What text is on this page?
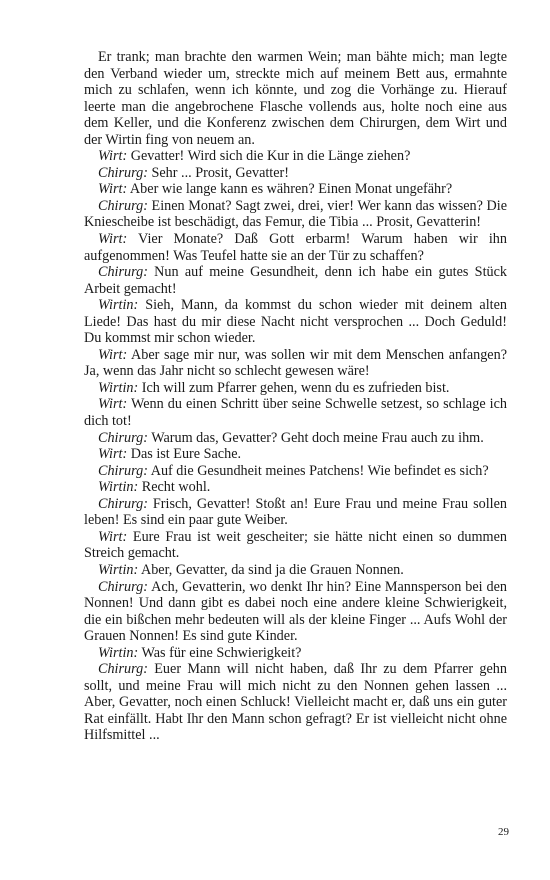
Er trank; man brachte den warmen Wein; man bähte mich; man legte den Verband wieder um, streckte mich auf meinem Bett aus, ermahnte mich zu schlafen, wenn ich könnte, und zog die Vorhänge zu. Hierauf leerte man die angebrochene Flasche vollends aus, holte noch eine aus dem Keller, und die Konferenz zwischen dem Chirurgen, dem Wirt und der Wirtin fing von neuem an.

Wirt: Gevatter! Wird sich die Kur in die Länge ziehen?

Chirurg: Sehr ... Prosit, Gevatter!

Wirt: Aber wie lange kann es währen? Einen Monat ungefähr?

Chirurg: Einen Monat? Sagt zwei, drei, vier! Wer kann das wissen? Die Kniescheibe ist beschädigt, das Femur, die Tibia ... Prosit, Gevatterin!

Wirt: Vier Monate? Daß Gott erbarm! Warum haben wir ihn aufgenommen! Was Teufel hatte sie an der Tür zu schaffen?

Chirurg: Nun auf meine Gesundheit, denn ich habe ein gutes Stück Arbeit gemacht!

Wirtin: Sieh, Mann, da kommst du schon wieder mit deinem alten Liede! Das hast du mir diese Nacht nicht versprochen ... Doch Geduld! Du kommst mir schon wieder.

Wirt: Aber sage mir nur, was sollen wir mit dem Menschen anfangen? Ja, wenn das Jahr nicht so schlecht gewesen wäre!

Wirtin: Ich will zum Pfarrer gehen, wenn du es zufrieden bist.

Wirt: Wenn du einen Schritt über seine Schwelle setzest, so schlage ich dich tot!

Chirurg: Warum das, Gevatter? Geht doch meine Frau auch zu ihm.

Wirt: Das ist Eure Sache.

Chirurg: Auf die Gesundheit meines Patchens! Wie befindet es sich?

Wirtin: Recht wohl.

Chirurg: Frisch, Gevatter! Stoßt an! Eure Frau und meine Frau sollen leben! Es sind ein paar gute Weiber.

Wirt: Eure Frau ist weit gescheiter; sie hätte nicht einen so dummen Streich gemacht.

Wirtin: Aber, Gevatter, da sind ja die Grauen Nonnen.

Chirurg: Ach, Gevatterin, wo denkt Ihr hin? Eine Mannsperson bei den Nonnen! Und dann gibt es dabei noch eine andere kleine Schwierigkeit, die ein bißchen mehr bedeuten will als der kleine Finger ... Aufs Wohl der Grauen Nonnen! Es sind gute Kinder.

Wirtin: Was für eine Schwierigkeit?

Chirurg: Euer Mann will nicht haben, daß Ihr zu dem Pfarrer gehn sollt, und meine Frau will mich nicht zu den Nonnen gehen lassen ... Aber, Gevatter, noch einen Schluck! Vielleicht macht er, daß uns ein guter Rat einfällt. Habt Ihr den Mann schon gefragt? Er ist vielleicht nicht ohne Hilfsmittel ...

29
